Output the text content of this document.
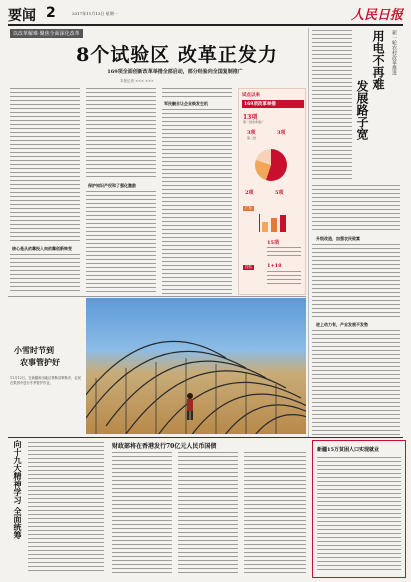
要闻 2	2017年11月13日 星期一	人民日报
以改革解难·聚焦全面深化改革
8个试验区 改革正发力
169项全面创新改革举措全部启动，部分经验向全国复制推广
本报记者 ××× ×××
核心是从依靠投入向依靠创新转变
保护知识产权和了强化激励
军民融合让企业焕发生机
试点以来
169项改革举措
13项
第一批改革推广
3项	3项
第二批
2项	5项
广东
15项
1+18
经验
新一轮农村改革推进
用电不再难
发展路子宽
升级改造，加强农民致富
进上动力有，产业发展不发愁
小雪时节到
农事管护好
11月12日，在新疆和田地区策勒县策勒乡，农民在果园中进行冬季管护作业。
向十九大精神学习 全面统筹	财政部将在香港发行70亿元人民币国债	新疆15万贫困人口实现就业
